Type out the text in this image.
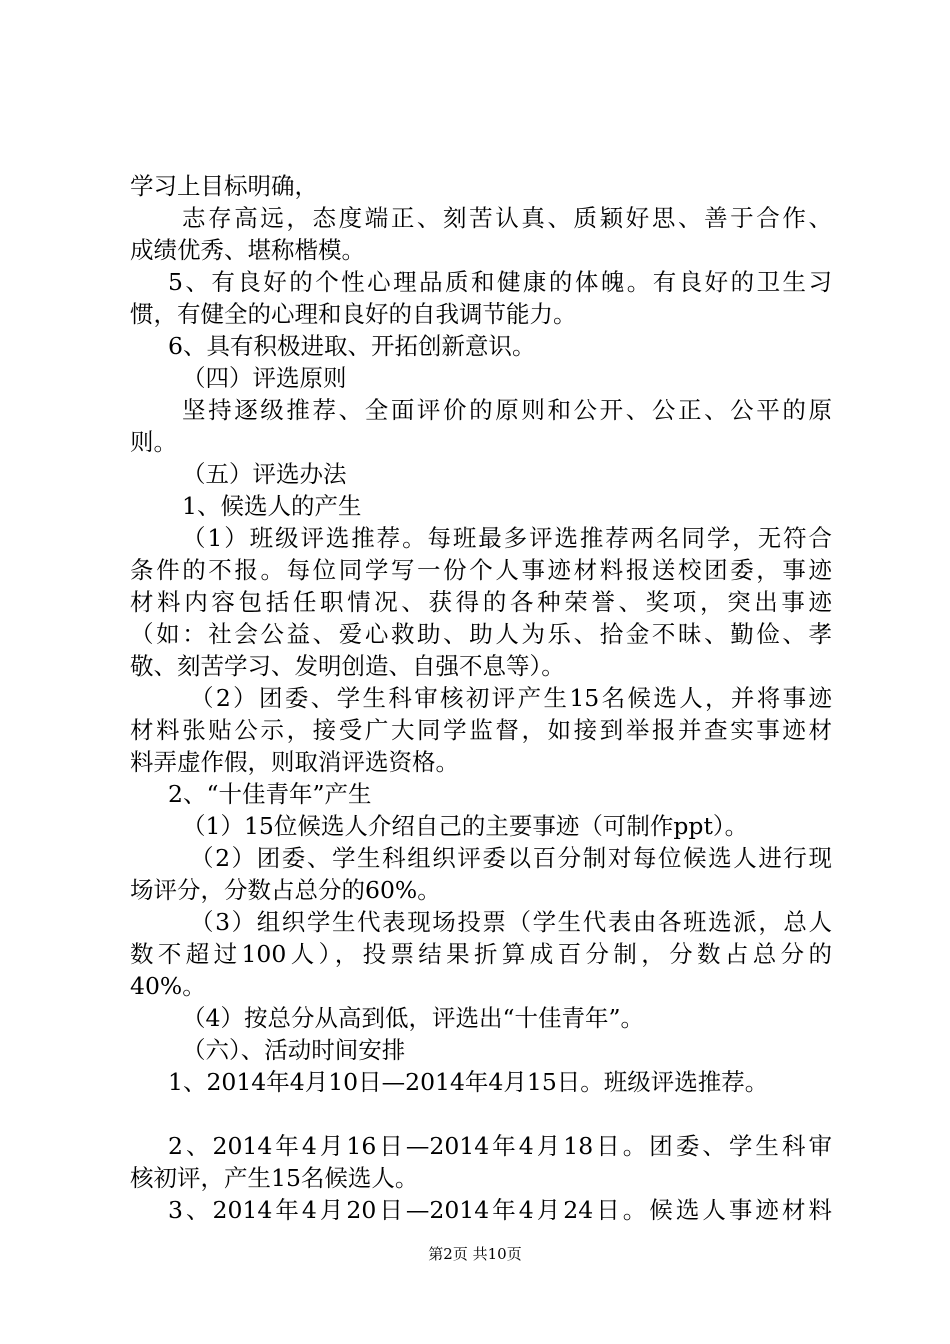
学习上目标明确，
志存高远，态度端正、刻苦认真、质颖好思、善于合作、
成绩优秀、堪称楷模。
5、有良好的个性心理品质和健康的体魄。有良好的卫生习
惯，有健全的心理和良好的自我调节能力。
6、具有积极进取、开拓创新意识。
（四）评选原则
坚持逐级推荐、全面评价的原则和公开、公正、公平的原
则。
（五）评选办法
1、候选人的产生
（1）班级评选推荐。每班最多评选推荐两名同学，无符合
条件的不报。每位同学写一份个人事迹材料报送校团委，事迹
材料内容包括任职情况、获得的各种荣誉、奖项，突出事迹
（如：社会公益、爱心救助、助人为乐、拾金不昧、勤俭、孝
敬、刻苦学习、发明创造、自强不息等）。
（2）团委、学生科审核初评产生15名候选人，并将事迹
材料张贴公示，接受广大同学监督，如接到举报并查实事迹材
料弄虚作假，则取消评选资格。
2、“十佳青年”产生
（1）15位候选人介绍自己的主要事迹（可制作ppt）。
（2）团委、学生科组织评委以百分制对每位候选人进行现
场评分，分数占总分的60%。
（3）组织学生代表现场投票（学生代表由各班选派，总人
数不超过100人），投票结果折算成百分制，分数占总分的
40%。
（4）按总分从高到低，评选出“十佳青年”。
（六）、活动时间安排
1、2014年4月10日—2014年4月15日。班级评选推荐。
2、2014年4月16日—2014年4月18日。团委、学生科审
核初评，产生15名候选人。
3、2014年4月20日—2014年4月24日。候选人事迹材料
第2页 共10页
